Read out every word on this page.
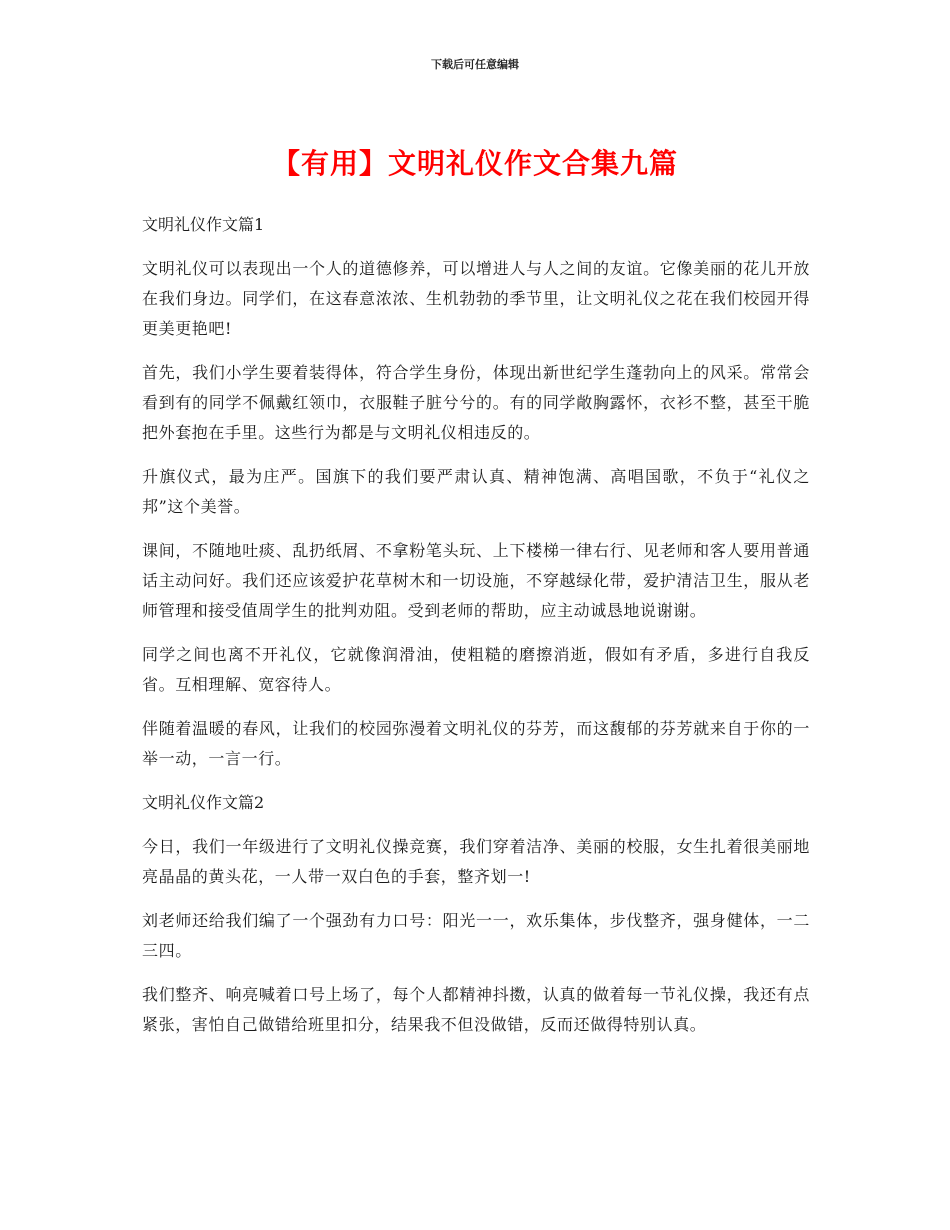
下载后可任意编辑
【有用】文明礼仪作文合集九篇

文明礼仪作文篇1

文明礼仪可以表现出一个人的道德修养，可以增进人与人之间的友谊。它像美丽的花儿开放在我们身边。同学们，在这春意浓浓、生机勃勃的季节里，让文明礼仪之花在我们校园开得更美更艳吧!

首先，我们小学生要着装得体，符合学生身份，体现出新世纪学生蓬勃向上的风采。常常会看到有的同学不佩戴红领巾，衣服鞋子脏兮兮的。有的同学敞胸露怀，衣衫不整，甚至干脆把外套抱在手里。这些行为都是与文明礼仪相违反的。

升旗仪式，最为庄严。国旗下的我们要严肃认真、精神饱满、高唱国歌，不负于“礼仪之邦”这个美誉。

课间，不随地吐痰、乱扔纸屑、不拿粉笔头玩、上下楼梯一律右行、见老师和客人要用普通话主动问好。我们还应该爱护花草树木和一切设施，不穿越绿化带，爱护清洁卫生，服从老师管理和接受值周学生的批判劝阻。受到老师的帮助，应主动诚恳地说谢谢。

同学之间也离不开礼仪，它就像润滑油，使粗糙的磨擦消逝，假如有矛盾，多进行自我反省。互相理解、宽容待人。

伴随着温暖的春风，让我们的校园弥漫着文明礼仪的芬芳，而这馥郁的芬芳就来自于你的一举一动，一言一行。

文明礼仪作文篇2

今日，我们一年级进行了文明礼仪操竞赛，我们穿着洁净、美丽的校服，女生扎着很美丽地亮晶晶的黄头花，一人带一双白色的手套，整齐划一!

刘老师还给我们编了一个强劲有力口号：阳光一一，欢乐集体，步伐整齐，强身健体，一二三四。

我们整齐、响亮喊着口号上场了，每个人都精神抖擞，认真的做着每一节礼仪操，我还有点紧张，害怕自己做错给班里扣分，结果我不但没做错，反而还做得特别认真。
